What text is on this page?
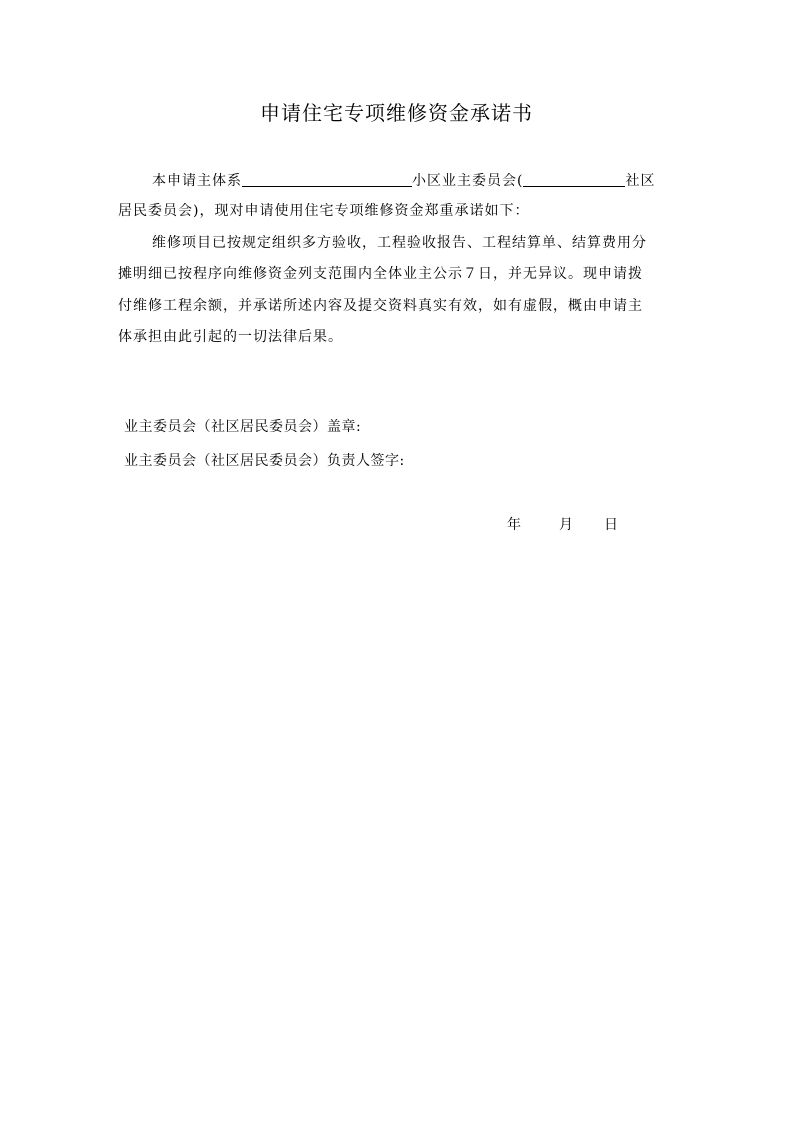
申请住宅专项维修资金承诺书
本申请主体系	小区业主委员会(	社区
居民委员会)，现对申请使用住宅专项维修资金郑重承诺如下：
维修项目已按规定组织多方验收，工程验收报告、工程结算单、结算费用分
摊明细已按程序向维修资金列支范围内全体业主公示７日，并无异议。现申请拨
付维修工程余额，并承诺所述内容及提交资料真实有效，如有虚假，概由申请主
体承担由此引起的一切法律后果。
业主委员会（社区居民委员会）盖章:
业主委员会（社区居民委员会）负责人签字:
年	月 日
